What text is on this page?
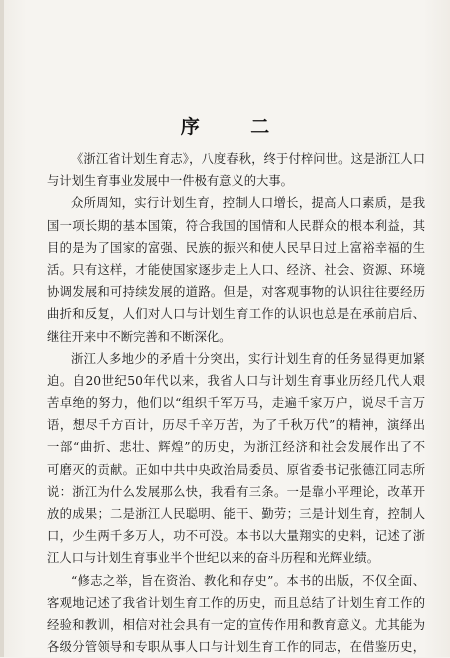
序 二
《浙江省计划生育志》，八度春秋，终于付梓问世。这是浙江人口
与计划生育事业发展中一件极有意义的大事。
众所周知，实行计划生育，控制人口增长，提高人口素质，是我
国一项长期的基本国策，符合我国的国情和人民群众的根本利益，其
目的是为了国家的富强、民族的振兴和使人民早日过上富裕幸福的生
活。只有这样，才能使国家逐步走上人口、经济、社会、资源、环境
协调发展和可持续发展的道路。但是，对客观事物的认识往往要经历
曲折和反复，人们对人口与计划生育工作的认识也总是在承前启后、
继往开来中不断完善和不断深化。
浙江人多地少的矛盾十分突出，实行计划生育的任务显得更加紧
迫。自20世纪50年代以来，我省人口与计划生育事业历经几代人艰
苦卓绝的努力，他们以“组织千军万马，走遍千家万户，说尽千言万
语，想尽千方百计，历尽千辛万苦，为了千秋万代”的精神，演绎出
一部“曲折、悲壮、辉煌”的历史，为浙江经济和社会发展作出了不
可磨灭的贡献。正如中共中央政治局委员、原省委书记张德江同志所
说：浙江为什么发展那么快，我看有三条。一是靠小平理论，改革开
放的成果；二是浙江人民聪明、能干、勤劳；三是计划生育，控制人
口，少生两千多万人，功不可没。本书以大量翔实的史料，记述了浙
江人口与计划生育事业半个世纪以来的奋斗历程和光辉业绩。
“修志之举，旨在资治、教化和存史”。本书的出版，不仅全面、
客观地记述了我省计划生育工作的历史，而且总结了计划生育工作的
经验和教训，相信对社会具有一定的宣传作用和教育意义。尤其能为
各级分管领导和专职从事人口与计划生育工作的同志，在借鉴历史，
